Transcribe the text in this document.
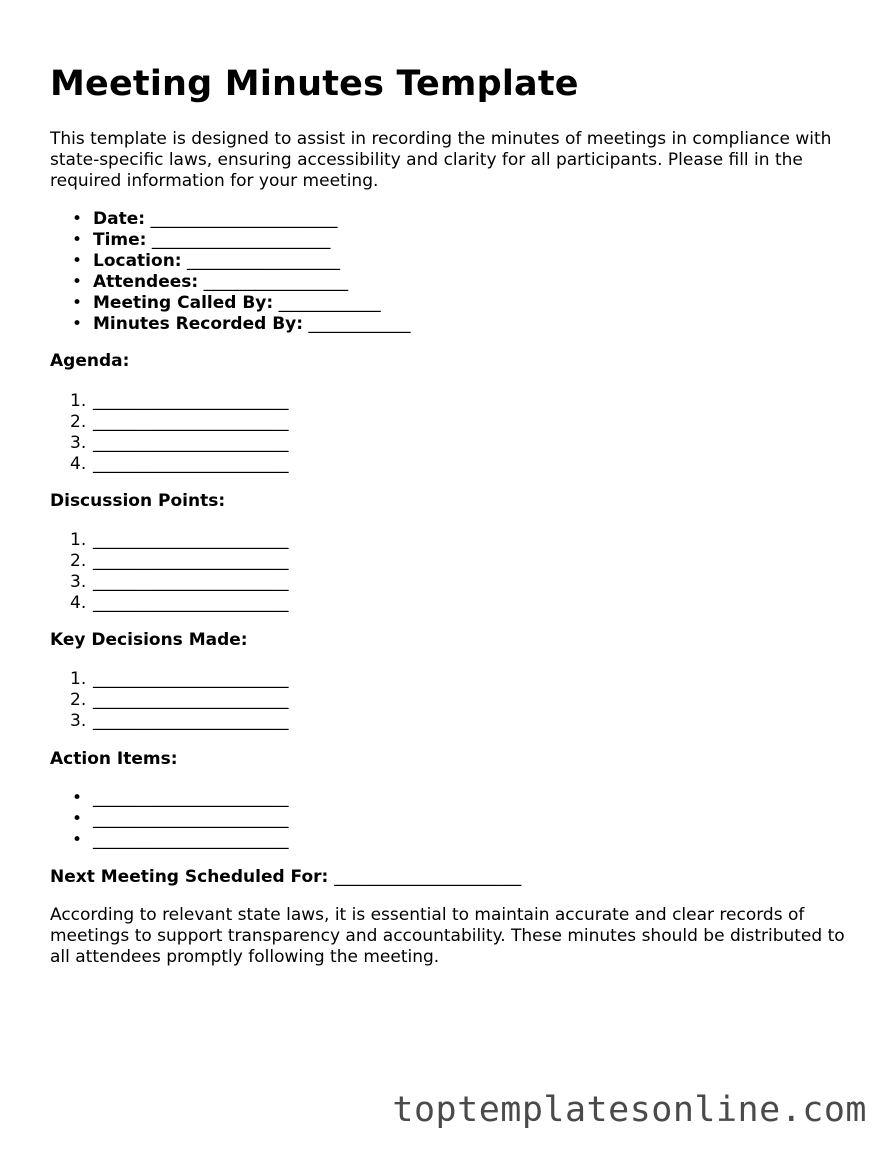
Meeting Minutes Template

This template is designed to assist in recording the minutes of meetings in compliance with state-specific laws, ensuring accessibility and clarity for all participants. Please fill in the required information for your meeting.

• Date: ______________________
• Time: _____________________
• Location: __________________
• Attendees: _________________
• Meeting Called By: ____________
• Minutes Recorded By: ____________

Agenda:

1. _______________________
2. _______________________
3. _______________________
4. _______________________

Discussion Points:

1. _______________________
2. _______________________
3. _______________________
4. _______________________

Key Decisions Made:

1. _______________________
2. _______________________
3. _______________________

Action Items:

• _______________________
• _______________________
• _______________________

Next Meeting Scheduled For: ______________________

According to relevant state laws, it is essential to maintain accurate and clear records of meetings to support transparency and accountability. These minutes should be distributed to all attendees promptly following the meeting.

toptemplatesonline.com
